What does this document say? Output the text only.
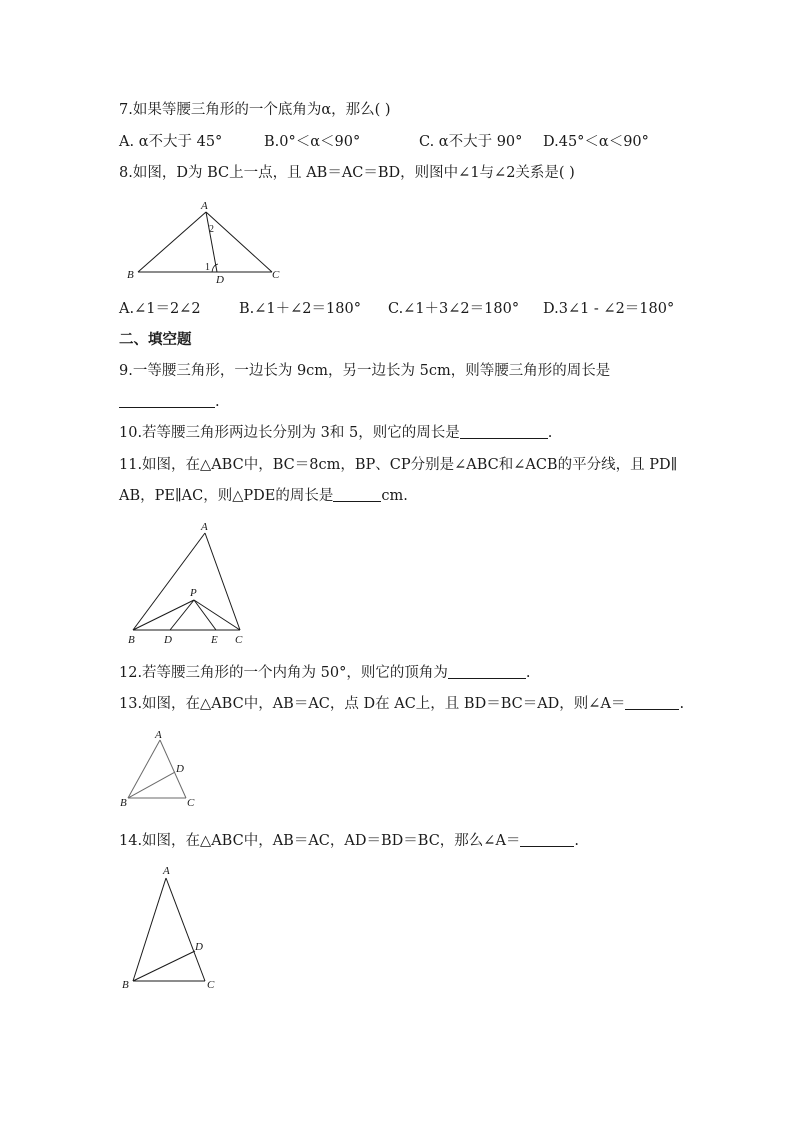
7.如果等腰三角形的一个底角为α，那么( )
A. α不大于 45°	B.0°＜α＜90°	C. α不大于 90° D.45°＜α＜90°
8.如图，D为 BC上一点，且 AB＝AC＝BD，则图中∠1与∠2关系是( )
A
B	C
D
1
2
A.∠1＝2∠2	B.∠1＋∠2＝180° C.∠1＋3∠2＝180° D.3∠1 - ∠2＝180°
二、填空题
9.一等腰三角形，一边长为 9cm，另一边长为 5cm，则等腰三角形的周长是
.
10.若等腰三角形两边长分别为 3和 5，则它的周长是	.
11.如图，在△ABC中，BC＝8cm，BP、CP分别是∠ABC和∠ACB的平分线，且 PD∥
AB，PE∥AC，则△PDE的周长是	cm.
A
P
B	D	E C
12.若等腰三角形的一个内角为 50°，则它的顶角为	.
13.如图，在△ABC中，AB＝AC，点 D在 AC上，且 BD＝BC＝AD，则∠A＝	.
A
D
B	C
14.如图，在△ABC中，AB＝AC，AD＝BD＝BC，那么∠A＝	.
A
D
B	C
